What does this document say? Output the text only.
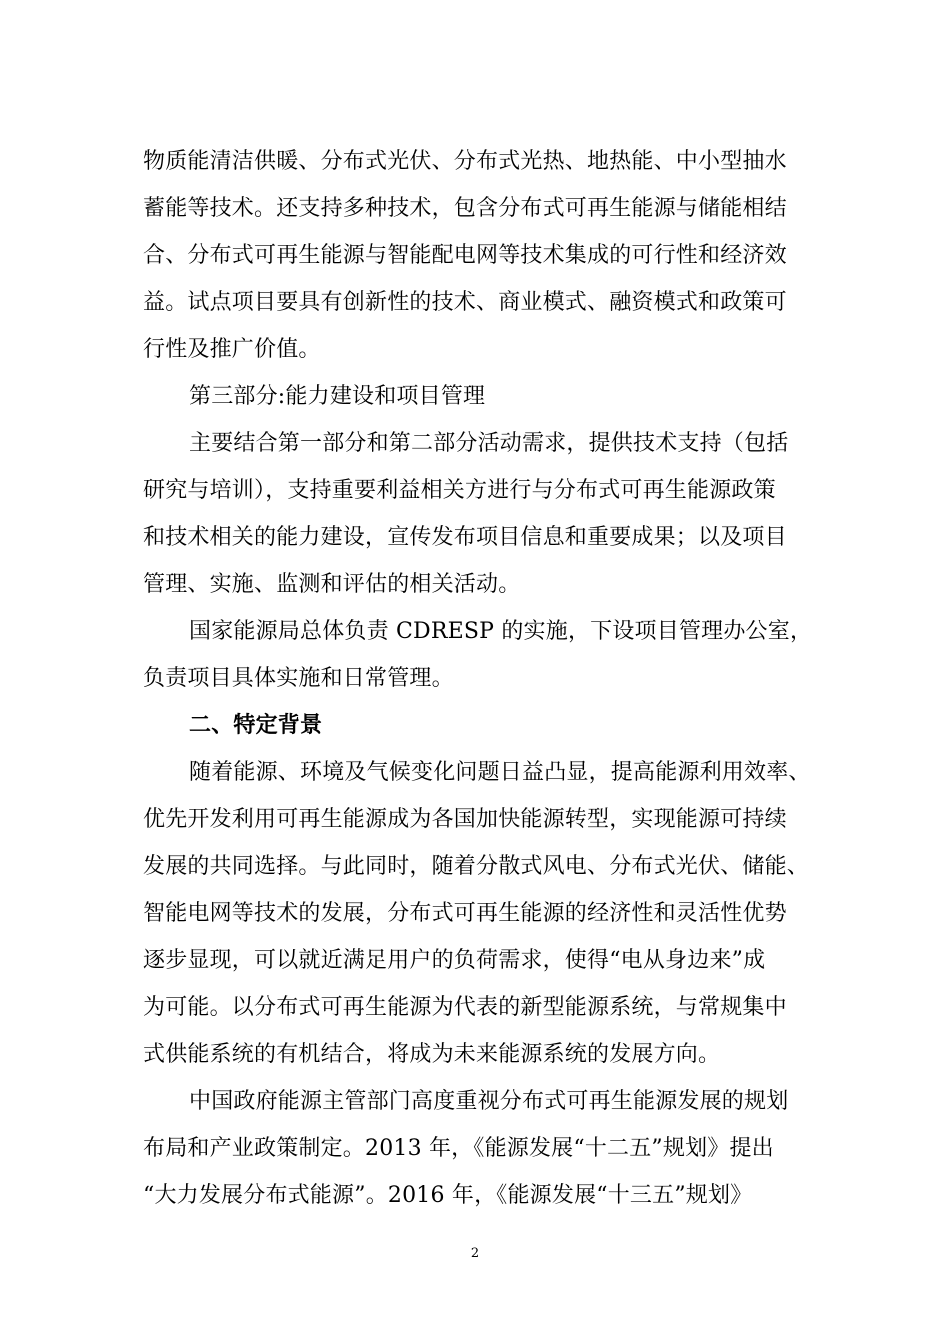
物质能清洁供暖、分布式光伏、分布式光热、地热能、中小型抽水
蓄能等技术。还支持多种技术，包含分布式可再生能源与储能相结
合、分布式可再生能源与智能配电网等技术集成的可行性和经济效
益。试点项目要具有创新性的技术、商业模式、融资模式和政策可
行性及推广价值。
第三部分:能力建设和项目管理
主要结合第一部分和第二部分活动需求，提供技术支持（包括
研究与培训），支持重要利益相关方进行与分布式可再生能源政策
和技术相关的能力建设，宣传发布项目信息和重要成果；以及项目
管理、实施、监测和评估的相关活动。
国家能源局总体负责 CDRESP 的实施，下设项目管理办公室，
负责项目具体实施和日常管理。
二、特定背景
随着能源、环境及气候变化问题日益凸显，提高能源利用效率、
优先开发利用可再生能源成为各国加快能源转型，实现能源可持续
发展的共同选择。与此同时，随着分散式风电、分布式光伏、储能、
智能电网等技术的发展，分布式可再生能源的经济性和灵活性优势
逐步显现，可以就近满足用户的负荷需求，使得“电从身边来”成
为可能。以分布式可再生能源为代表的新型能源系统，与常规集中
式供能系统的有机结合，将成为未来能源系统的发展方向。
中国政府能源主管部门高度重视分布式可再生能源发展的规划
布局和产业政策制定。2013 年，《能源发展“十二五”规划》提出
“大力发展分布式能源”。2016 年，《能源发展“十三五”规划》
2
